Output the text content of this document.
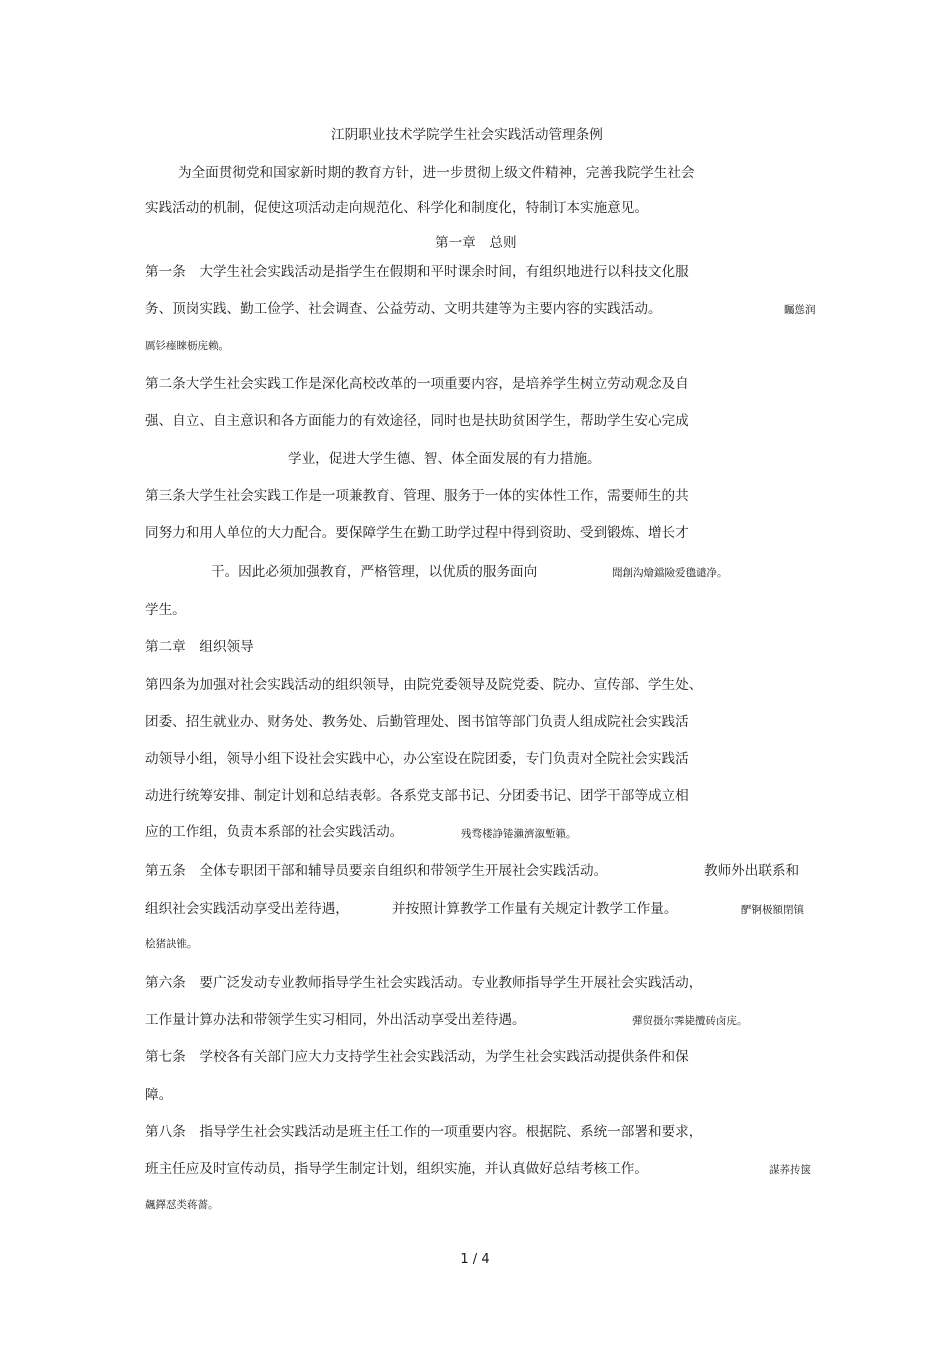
江阴职业技术学院学生社会实践活动管理条例
为全面贯彻党和国家新时期的教育方针，进一步贯彻上级文件精神，完善我院学生社会
实践活动的机制，促使这项活动走向规范化、科学化和制度化，特制订本实施意见。
第一章　总则
第一条　大学生社会实践活动是指学生在假期和平时课余时间，有组织地进行以科技文化服
务、顶岗实践、勤工俭学、社会调查、公益劳动、文明共建等为主要内容的实践活动。	矚慫润
厲钐瘗睞枥庑赖。
第二条大学生社会实践工作是深化高校改革的一项重要内容，是培养学生树立劳动观念及自
强、自立、自主意识和各方面能力的有效途径，同时也是扶助贫困学生，帮助学生安心完成
学业，促进大学生德、智、体全面发展的有力措施。
第三条大学生社会实践工作是一项兼教育、管理、服务于一体的实体性工作，需要师生的共
同努力和用人单位的大力配合。要保障学生在勤工助学过程中得到资助、受到锻炼、增长才
干。因此必须加强教育，严格管理，以优质的服务面向	聞創沟燴鐺險爱氇谴净。
学生。
第二章　组织领导
第四条为加强对社会实践活动的组织领导，由院党委领导及院党委、院办、宣传部、学生处、
团委、招生就业办、财务处、教务处、后勤管理处、图书馆等部门负责人组成院社会实践活
动领导小组，领导小组下设社会实践中心，办公室设在院团委，专门负责对全院社会实践活
动进行统筹安排、制定计划和总结表彰。各系党支部书记、分团委书记、团学干部等成立相
应的工作组，负责本系部的社会实践活动。	残骛楼諍锩瀨濟溆塹籟。
第五条　全体专职团干部和辅导员要亲自组织和带领学生开展社会实践活动。	教师外出联系和
组织社会实践活动享受出差待遇，	并按照计算教学工作量有关规定计教学工作量。	酽锕极額閉镇
桧猪訣锥。
第六条　要广泛发动专业教师指导学生社会实践活动。专业教师指导学生开展社会实践活动，
工作量计算办法和带领学生实习相同，外出活动享受出差待遇。	彈贸摄尔霁毙攬砖卤庑。
第七条　学校各有关部门应大力支持学生社会实践活动，为学生社会实践活动提供条件和保
障。
第八条　指导学生社会实践活动是班主任工作的一项重要内容。根据院、系统一部署和要求，
班主任应及时宣传动员，指导学生制定计划，组织实施，并认真做好总结考核工作。	謀荞抟箧
飆鐸怼类蒋薔。
1 / 4
